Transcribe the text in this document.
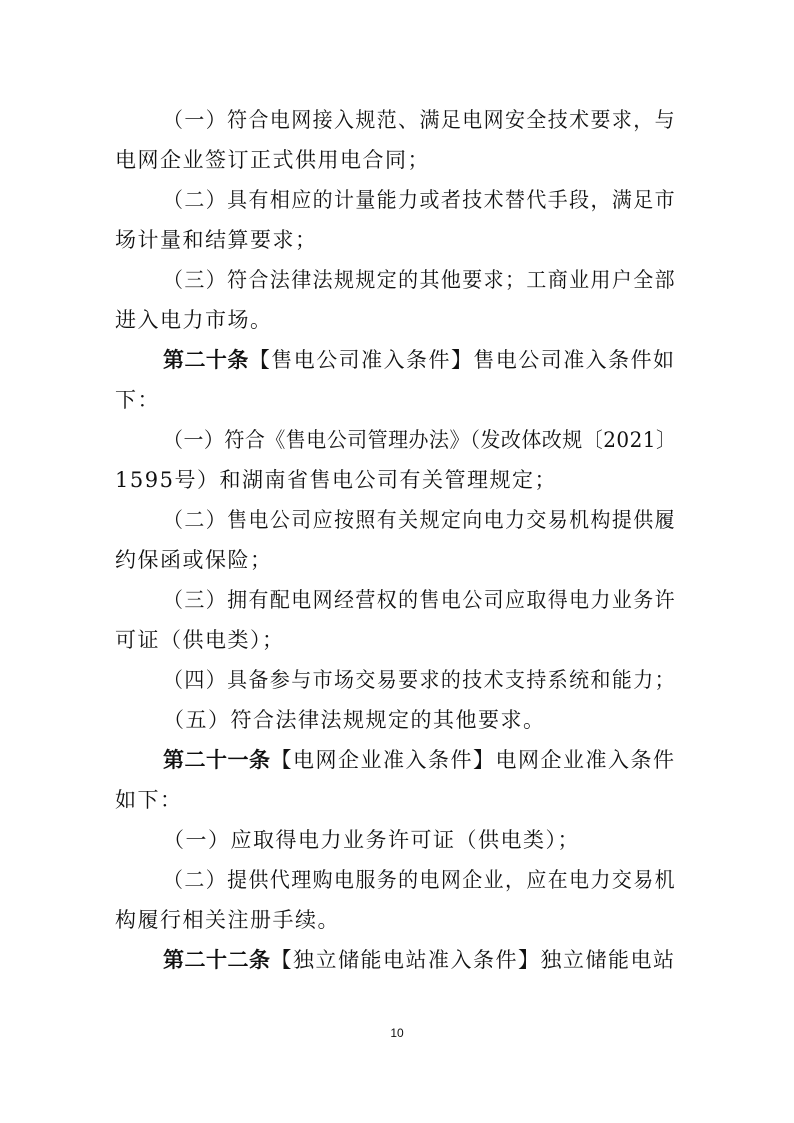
（一）符合电网接入规范、满足电网安全技术要求，与
电网企业签订正式供用电合同；
（二）具有相应的计量能力或者技术替代手段，满足市
场计量和结算要求；
（三）符合法律法规规定的其他要求；工商业用户全部
进入电力市场。
第二十条【售电公司准入条件】售电公司准入条件如
下：
（一）符合《售电公司管理办法》（发改体改规〔2021〕
1595号）和湖南省售电公司有关管理规定；
（二）售电公司应按照有关规定向电力交易机构提供履
约保函或保险；
（三）拥有配电网经营权的售电公司应取得电力业务许
可证（供电类）；
（四）具备参与市场交易要求的技术支持系统和能力；
（五）符合法律法规规定的其他要求。
第二十一条【电网企业准入条件】电网企业准入条件
如下：
（一）应取得电力业务许可证（供电类）；
（二）提供代理购电服务的电网企业，应在电力交易机
构履行相关注册手续。
第二十二条【独立储能电站准入条件】独立储能电站
10
